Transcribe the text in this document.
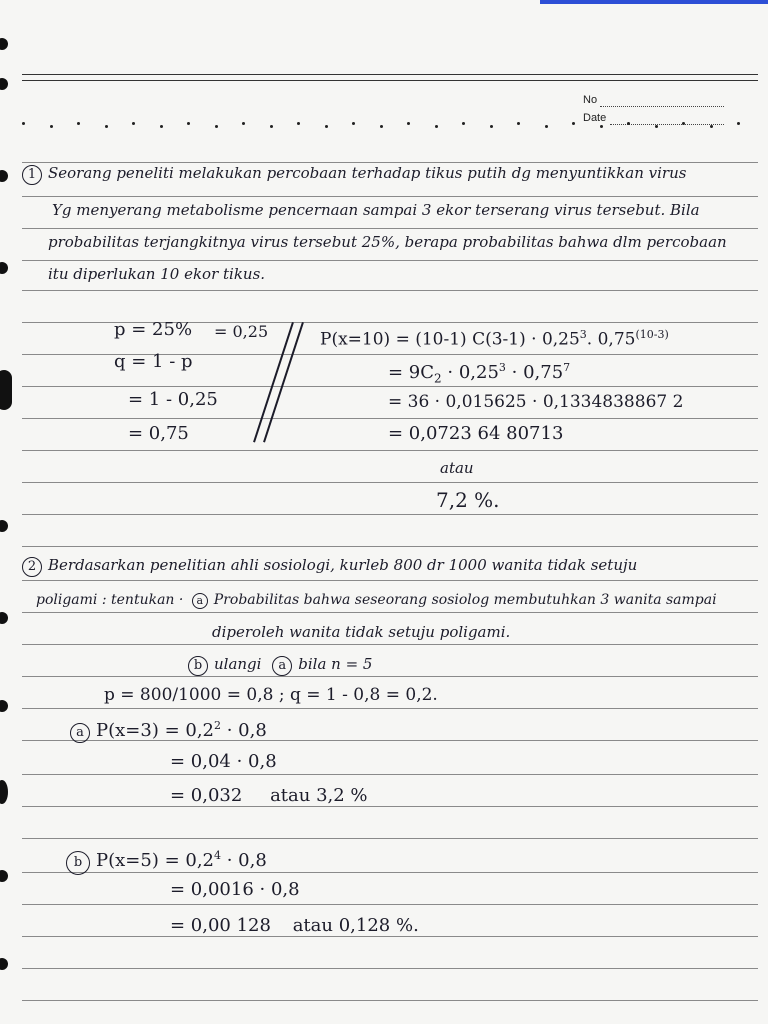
No
Date
1 Seorang peneliti melakukan percobaan terhadap tikus putih dg menyuntikkan virus
Yg menyerang metabolisme pencernaan sampai 3 ekor terserang virus tersebut. Bila
probabilitas terjangkitnya virus tersebut 25%, berapa probabilitas bahwa dlm percobaan
itu diperlukan 10 ekor tikus.
p = 25% = 0,25
q = 1 - p
= 1 - 0,25
= 0,75
P(x=10) = (10-1) $C(3-1) \cdot 0,25^3$. $0,75^{(10-3)}$
= $9C_2 \cdot 0,25^3 \cdot 0,75^7$
= 36 · 0,015625 · 0,1334838867 2
= 0,0723 64 80713
atau
7,2 %.
2 Berdasarkan penelitian ahli sosiologi, kurleb 800 dr 1000 wanita tidak setuju
poligami : tentukan · a Probabilitas bahwa seseorang sosiolog membutuhkan 3 wanita sampai
diperoleh wanita tidak setuju poligami.
b ulangi a bila n = 5
p = 800/1000 = 0,8 ; q = 1 - 0,8 = 0,2.
a $P(x=3) = 0,2^2 \cdot 0,8$
= 0,04 · 0,8
= 0,032 atau 3,2 %
b $P(x=5) = 0,2^4 \cdot 0,8$
= 0,0016 · 0,8
= 0,00 128 atau 0,128 %.
